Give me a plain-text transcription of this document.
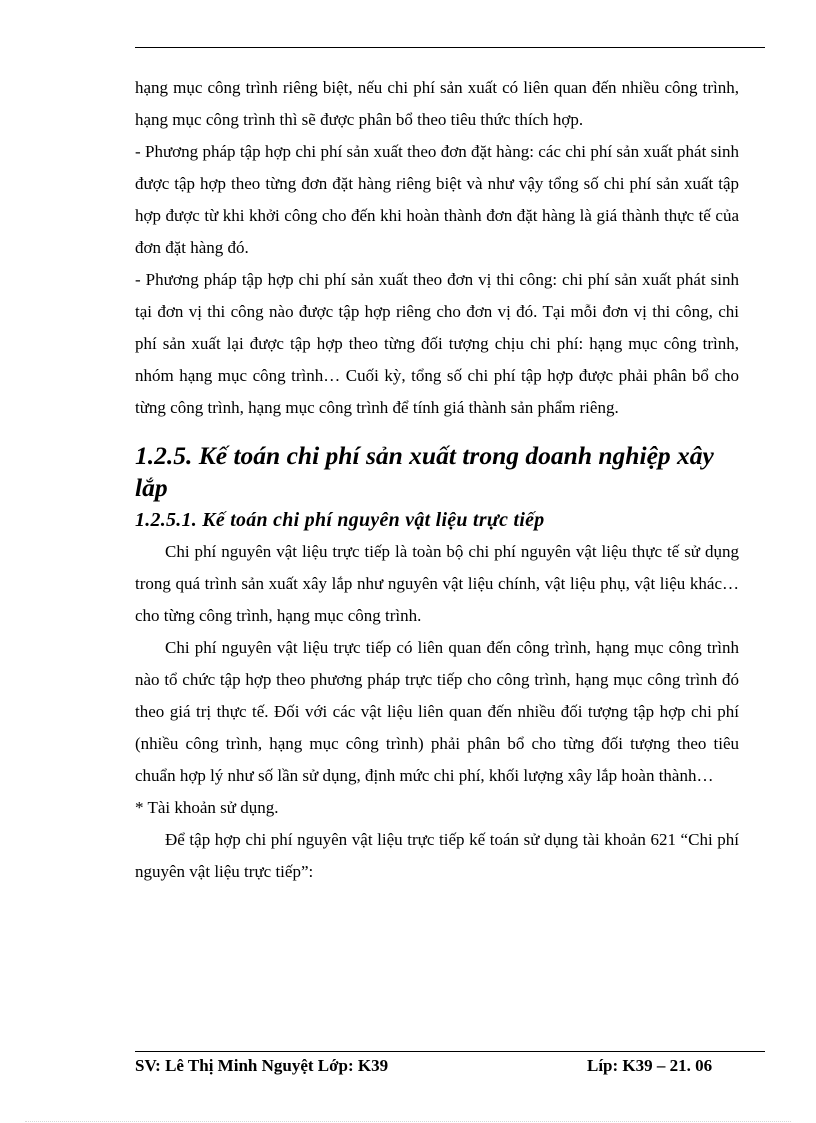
hạng mục công trình riêng biệt, nếu chi phí sản xuất có liên quan đến nhiều công trình, hạng mục công trình thì sẽ được phân bổ theo tiêu thức thích hợp.

- Phương pháp tập hợp chi phí sản xuất theo đơn đặt hàng: các chi phí sản xuất phát sinh được tập hợp theo từng đơn đặt hàng riêng biệt và như vậy tổng số chi phí sản xuất tập hợp được từ khi khởi công cho đến khi hoàn thành đơn đặt hàng là giá thành thực tế của đơn đặt hàng đó.

- Phương pháp tập hợp chi phí sản xuất theo đơn vị thi công: chi phí sản xuất phát sinh tại đơn vị thi công nào được tập hợp riêng cho đơn vị đó. Tại mỗi đơn vị thi công, chi phí sản xuất lại được tập hợp theo từng đối tượng chịu chi phí: hạng mục công trình, nhóm hạng mục công trình… Cuối kỳ, tổng số chi phí tập hợp được phải phân bổ cho từng công trình, hạng mục công trình để tính giá thành sản phẩm riêng.

1.2.5. Kế toán chi phí sản xuất trong doanh nghiệp xây lắp
1.2.5.1. Kế toán chi phí nguyên vật liệu trực tiếp

Chi phí nguyên vật liệu trực tiếp là toàn bộ chi phí nguyên vật liệu thực tế sử dụng trong quá trình sản xuất xây lắp như nguyên vật liệu chính, vật liệu phụ, vật liệu khác… cho từng công trình, hạng mục công trình.

Chi phí nguyên vật liệu trực tiếp có liên quan đến công trình, hạng mục công trình nào tổ chức tập hợp theo phương pháp trực tiếp cho công trình, hạng mục công trình đó theo giá trị thực tế. Đối với các vật liệu liên quan đến nhiều đối tượng tập hợp chi phí (nhiều công trình, hạng mục công trình) phải phân bổ cho từng đối tượng theo tiêu chuẩn hợp lý như số lần sử dụng, định mức chi phí, khối lượng xây lắp hoàn thành…

* Tài khoản sử dụng.

Để tập hợp chi phí nguyên vật liệu trực tiếp kế toán sử dụng tài khoản 621 “Chi phí nguyên vật liệu trực tiếp”:

SV: Lê Thị Minh Nguyệt Lớp: K39	Líp: K39 – 21. 06
